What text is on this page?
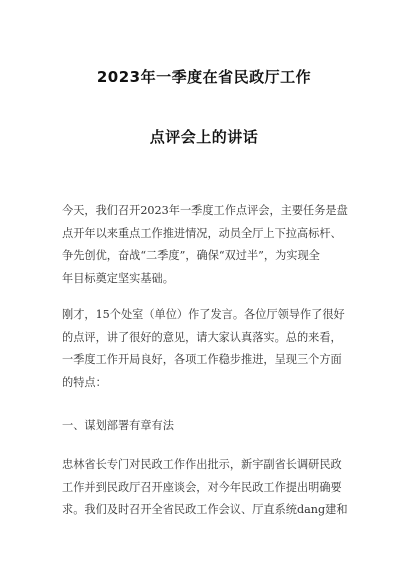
2023年一季度在省民政厅工作
点评会上的讲话
今天，我们召开2023年一季度工作点评会，主要任务是盘
点开年以来重点工作推进情况，动员全厅上下拉高标杆、
争先创优，奋战“二季度”，确保“双过半”，为实现全
年目标奠定坚实基础。
刚才，15个处室（单位）作了发言。各位厅领导作了很好
的点评，讲了很好的意见，请大家认真落实。总的来看，
一季度工作开局良好，各项工作稳步推进，呈现三个方面
的特点：
一、谋划部署有章有法
忠林省长专门对民政工作作出批示，新宇副省长调研民政
工作并到民政厅召开座谈会，对今年民政工作提出明确要
求。我们及时召开全省民政工作会议、厅直系统dang建和
